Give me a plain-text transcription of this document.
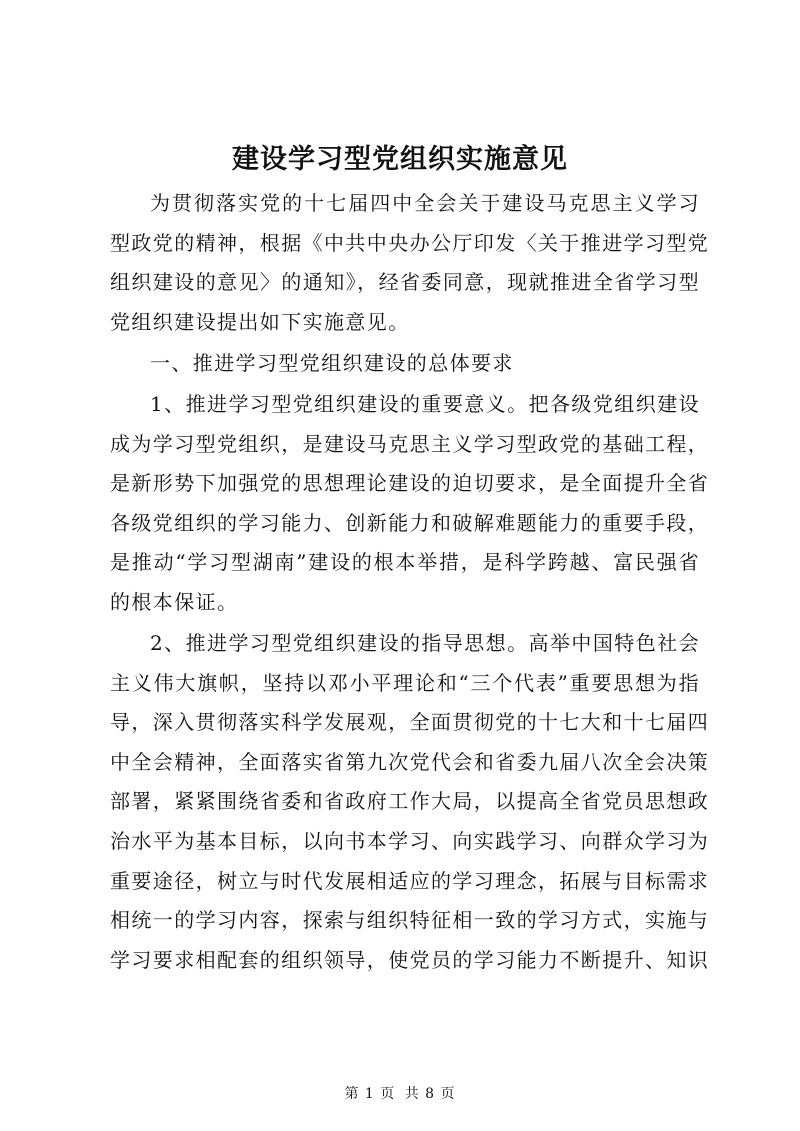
建设学习型党组织实施意见
为贯彻落实党的十七届四中全会关于建设马克思主义学习
型政党的精神，根据《中共中央办公厅印发〈关于推进学习型党
组织建设的意见〉的通知》，经省委同意，现就推进全省学习型
党组织建设提出如下实施意见。
一、推进学习型党组织建设的总体要求
1、推进学习型党组织建设的重要意义。把各级党组织建设
成为学习型党组织，是建设马克思主义学习型政党的基础工程，
是新形势下加强党的思想理论建设的迫切要求，是全面提升全省
各级党组织的学习能力、创新能力和破解难题能力的重要手段，
是推动“学习型湖南”建设的根本举措，是科学跨越、富民强省
的根本保证。
2、推进学习型党组织建设的指导思想。高举中国特色社会
主义伟大旗帜，坚持以邓小平理论和“三个代表”重要思想为指
导，深入贯彻落实科学发展观，全面贯彻党的十七大和十七届四
中全会精神，全面落实省第九次党代会和省委九届八次全会决策
部署，紧紧围绕省委和省政府工作大局，以提高全省党员思想政
治水平为基本目标，以向书本学习、向实践学习、向群众学习为
重要途径，树立与时代发展相适应的学习理念，拓展与目标需求
相统一的学习内容，探索与组织特征相一致的学习方式，实施与
学习要求相配套的组织领导，使党员的学习能力不断提升、知识
第 1 页 共 8 页
